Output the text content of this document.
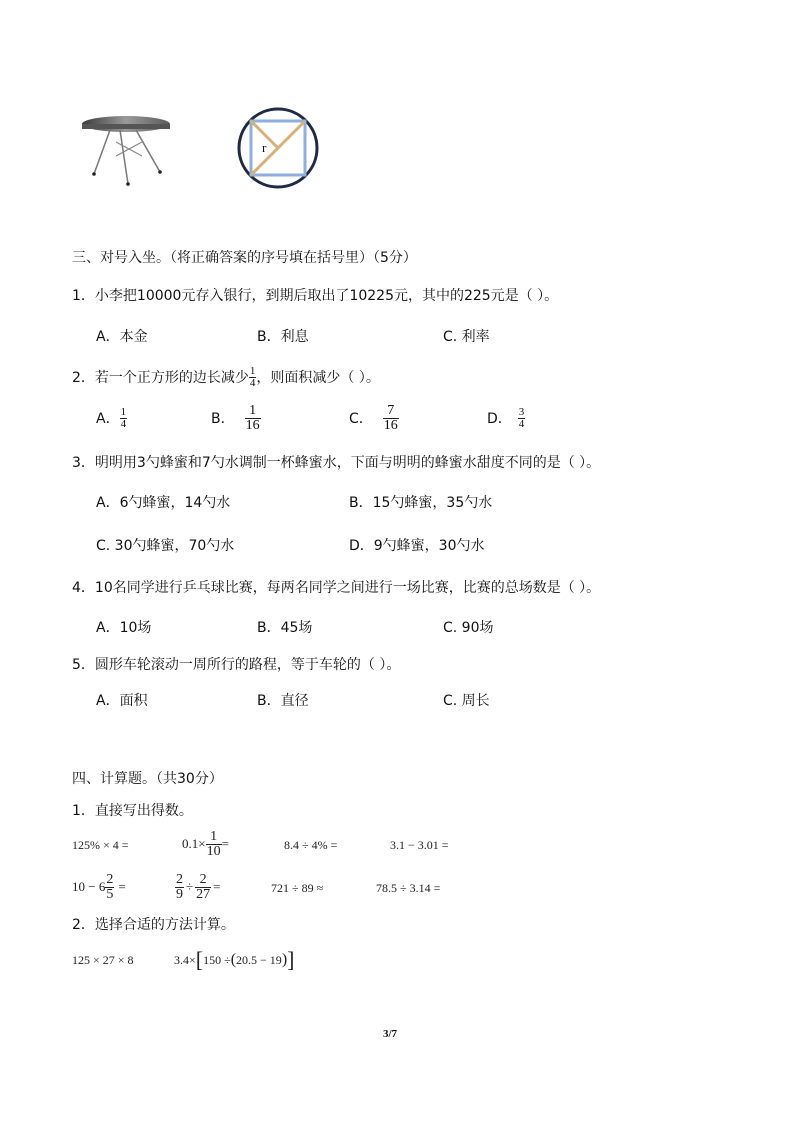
r
三、对号入坐。（将正确答案的序号填在括号里）（5分）
1．小李把10000元存入银行，到期后取出了10225元，其中的225元是（ ）。
A．本金	B．利息	C. 利率
2．若一个正方形的边长减少 $\frac{1}{4}$ ，则面积减少（ ）。
A． $\frac{1}{4}$	B． $\frac{1}{16}$	C． $\frac{7}{16}$	D． $\frac{3}{4}$
3．明明用3勺蜂蜜和7勺水调制一杯蜂蜜水，下面与明明的蜂蜜水甜度不同的是（ ）。
A．6勺蜂蜜，14勺水	B．15勺蜂蜜，35勺水
C. 30勺蜂蜜，70勺水	D．9勺蜂蜜，30勺水
4．10名同学进行乒乓球比赛，每两名同学之间进行一场比赛，比赛的总场数是（ ）。
A．10场	B．45场	C. 90场
5．圆形车轮滚动一周所行的路程，等于车轮的（ ）。
A．面积	B．直径	C. 周长
四、计算题。（共30分）
1．直接写出得数。
125% × 4 =	$0.1\times \frac{1}{10}$ =	8.4 ÷ 4% =	3.1 − 3.01 =
$10 - 6 \frac{2}{5}$ =	$\frac{2}{9} \div \frac{2}{27}$ =	721 ÷ 89 ≈	78.5 ÷ 3.14 =
2．选择合适的方法计算。
125 × 27 × 8	3.4× [ 150 ÷ ( 20.5 − 19 ) ]
3/7
